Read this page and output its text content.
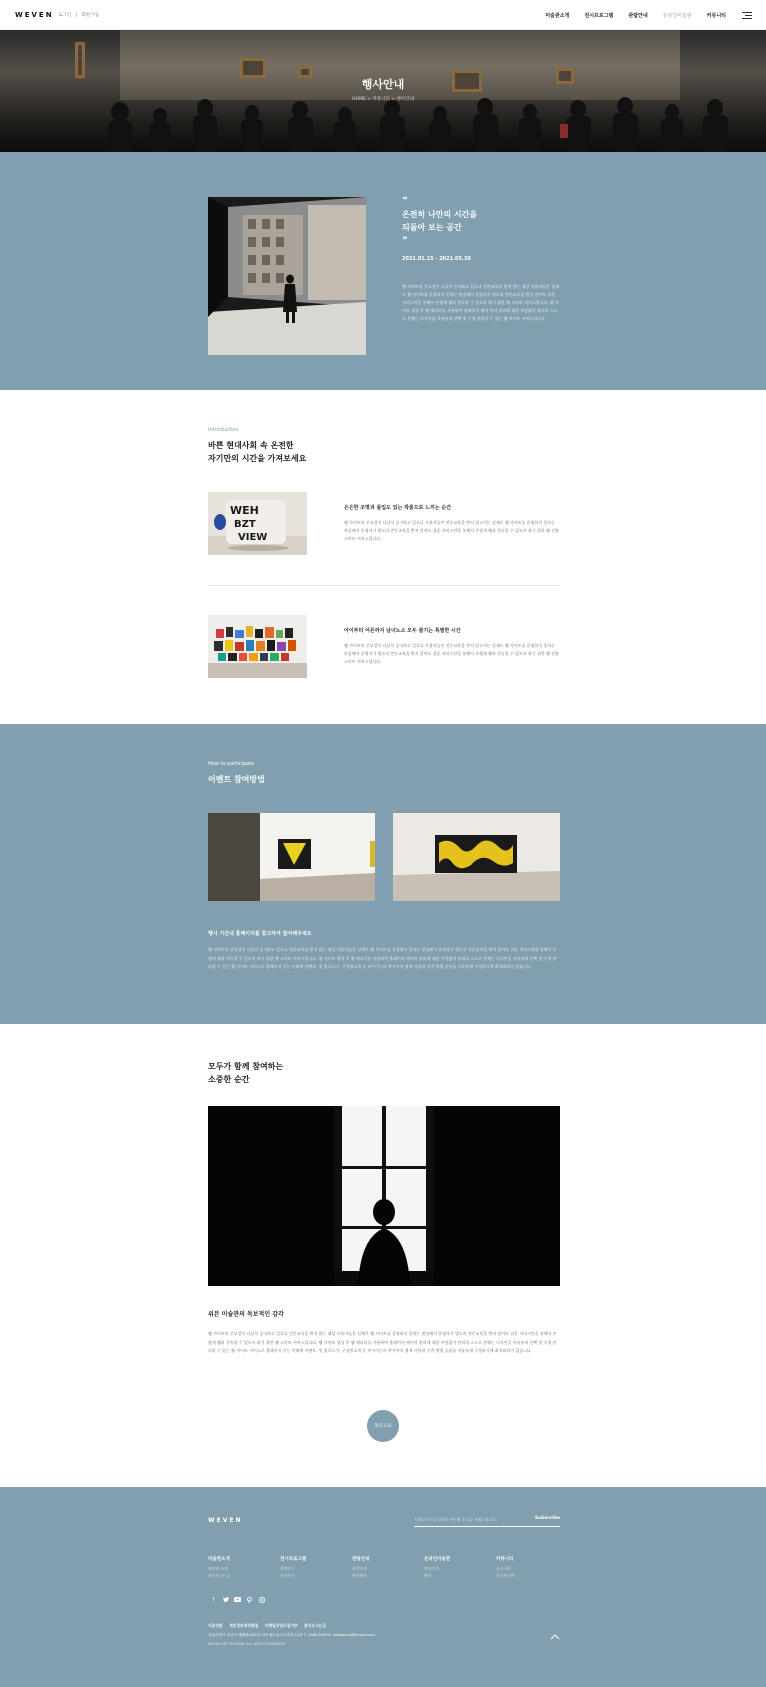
WEVEN 로그인 | 회원가입	미술관소개	전시프로그램	관람안내	온라인미술관	커뮤니티
행사안내
HOME > 커뮤니티 > 행사안내
“
온전히 나만의 시간을
되돌아 보는 공간
”
2021.01.15 - 2021.05.30
웹 사이트의 중요성이 나날이 증가하고 있으나 전문교육을 받지 않는 대상 사용자들은 실제로 웹 사이트를 운영하지 못하는 현실에서 운영자가 별도의 전문교육을 받지 않아도 쉬운 서비스만을 통해서 손쉽게 웹과 친숙할 수 있도록 하기 위한 웹 스마트 서비스입니다. 웹 사이트 생성 후 웹 에디터를 사용하여 홈페이지 에서 이미 관리에 대한 부담없이 관리의 스스로 분해는 디자인을 자유롭게 선택 및 수정 관리할 수 있는 웹 사이트 서비스입니다.
Introduction
바쁜 현대사회 속 온전한
자기만의 시간을 가져보세요
WEH
BZT
VIEW
은은한 조명과 몰입도 있는 작품으로 느끼는 순간
웹 사이트의 중요성이 나날이 증가하고 있으나 사용자들이 전문교육을 받지 않고서는 실제로 웹 사이트를 운영하지 못하는 현실에서 운영자가 별도의 전문교육을 받지 않아도 쉬운 서비스만을 통해서 손쉽게 웹과 친숙할 수 있도록 하기 위한 웹 전용 스마트 서비스입니다.
아이부터 어른까지 남녀노소 모두 즐기는 특별한 시간
웹 사이트의 중요성이 나날이 증가하고 있으나 사용자들이 전문교육을 받지 않고서는 실제로 웹 사이트를 운영하지 못하는 현실에서 운영자가 별도의 전문교육을 받지 않아도 쉬운 서비스만을 통해서 손쉽게 웹과 친숙할 수 있도록 하기 위한 웹 전용 스마트 서비스입니다.
How to participate
이벤트 참여방법
행사 기간내 홈페이지를 참고하여 참여해주세요
웹 사이트의 중요성이 나날이 증가하고 있으나 전문교육을 받지 않는 대상 사용자들은 실제로 웹 사이트를 운영하지 못하는 현실에서 운영자가 별도의 전문교육을 받지 않아도 쉬운 서비스만을 통해서 손쉽게 웹과 친숙할 수 있도록 하기 위한 웹 스마트 서비스입니다. 웹 사이트 생성 후 웹 에디터를 사용하여 홈페이지 에서이 관리에 대한 부담없이 관리의 스스로 분해는 디자인을 자유롭게 선택 및 수정 관리할 수 있는 웹 사이트 서비스로 홈페이지 기능 이외에 이벤트, 및 업로드기, 구성원소개 등 부가기능의 추가까지 쉽게 사용과 간격 방법 공유를 자유롭게 구성하기에 최적화되어 있습니다.
모두가 함께 참여하는
소중한 순간
위븐 미술관의 독보적인 감각
웹 사이트의 중요성이 나날이 증가하고 있으나 전문교육을 받지 않는 대상 사용자들은 실제로 웹 사이트를 운영하지 못하는 현실에서 운영자가 별도의 전문교육을 받지 않아도 쉬운 서비스만을 통해서 손쉽게 웹과 친숙할 수 있도록 하기 위한 웹 스마트 서비스입니다. 웹 사이트 생성 후 웹 에디터를 사용하여 홈페이지 에서이 관리에 대한 부담없이 관리의 스스로 분해는 디자인을 자유롭게 선택 및 수정 관리할 수 있는 웹 사이트 서비스로 홈페이지 기능 이외에 이벤트, 및 업로드기, 구성원소개 등 부가기능의 추가까지 쉽게 사용과 간격 방법 공유를 자유롭게 구성하기에 최적화되어 있습니다.
목록으로
WEVEN	이메일주소를 입력하시면 웹 소식을 전해드립니다.	Subscribe
미술관소개
미술관 소개
찾아오시는길
전시프로그램
현재전시
지난전시
관람안내
관람안내
관람예약
온라인미술관
행사안내
웹진
커뮤니티
공지사항
자유게시판
f
이용약관 개인정보처리방침 이메일무단수집거부 찾아오시는길
서울특별시 강남구 테헤란로00길 123 웹스튜디오빌딩 12층 T. 1588-0000 E. contactus@weven.com
WEVEN ART MUSEUM. ALL RIGHTS RESERVED
